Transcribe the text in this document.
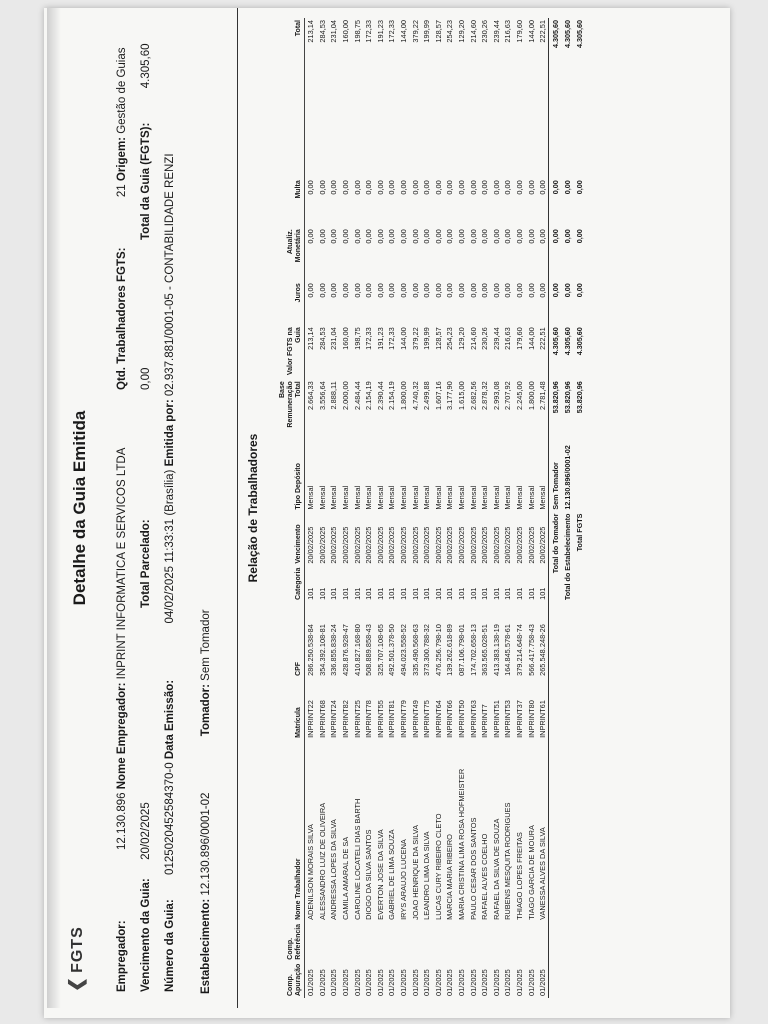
❮FGTS
Detalhe da Guia Emitida
Empregador:  12.130.896 Nome Empregador: INPRINT INFORMATICA E SERVICOS LTDA
Qtd. Trabalhadores FGTS:  21 Origem: Gestão de Guias
Vencimento da Guia:  20/02/2025
Total Parcelado:
0,00
Total da Guia (FGTS):  4.305,60
Número da Guia:  0125020452584370-0 Data Emissão:  04/02/2025 11:33:31 (Brasília) Emitida por: 02.937.881/0001-05 - CONTABILIDADE RENZI
Estabelecimento: 12.130.896/0001-02  Tomador: Sem Tomador
Relação de Trabalhadores
Comp. Apuração	Comp. Referência	Nome Trabalhador	Matrícula	CPF	Categoria	Vencimento	Tipo Depósito	Base Remuneração Total	Valor FGTS na Guia	Juros	Atualiz. Monetária	Multa	Total
01/2025		ADENILSON MORAIS SILVA	INPRINT22	286.250.538-84	101	20/02/2025	Mensal	2.664,33	213,14	0,00	0,00	0,00	213,14
01/2025		ALESSANDRO LUIZ DE OLIVEIRA	INPRINT68	354.392.108-81	101	20/02/2025	Mensal	3.556,64	284,53	0,00	0,00	0,00	284,53
01/2025		ANDRESSA LOPES DA SILVA	INPRINT24	336.855.838-24	101	20/02/2025	Mensal	2.888,11	231,04	0,00	0,00	0,00	231,04
01/2025		CAMILA AMARAL DE SA	INPRINT82	428.876.928-47	101	20/02/2025	Mensal	2.000,00	160,00	0,00	0,00	0,00	160,00
01/2025		CAROLINE LOCATELI DIAS BARTH	INPRINT25	410.827.168-80	101	20/02/2025	Mensal	2.484,44	198,75	0,00	0,00	0,00	198,75
01/2025		DIOGO DA SILVA SANTOS	INPRINT78	508.889.858-43	101	20/02/2025	Mensal	2.154,19	172,33	0,00	0,00	0,00	172,33
01/2025		EVERTON JOSE DA SILVA	INPRINT55	325.707.108-65	101	20/02/2025	Mensal	2.390,44	191,23	0,00	0,00	0,00	191,23
01/2025		GABRIEL DE LIMA SOUZA	INPRINT81	492.501.378-50	101	20/02/2025	Mensal	2.154,19	172,33	0,00	0,00	0,00	172,33
01/2025		IRYS ARAUJO LUCENA	INPRINT79	494.023.558-52	101	20/02/2025	Mensal	1.800,00	144,00	0,00	0,00	0,00	144,00
01/2025		JOAO HENRIQUE DA SILVA	INPRINT49	335.490.568-63	101	20/02/2025	Mensal	4.740,32	379,22	0,00	0,00	0,00	379,22
01/2025		LEANDRO LIMA DA SILVA	INPRINT75	373.300.788-32	101	20/02/2025	Mensal	2.499,88	199,99	0,00	0,00	0,00	199,99
01/2025		LUCAS CURY RIBEIRO CLETO	INPRINT64	476.256.798-10	101	20/02/2025	Mensal	1.607,16	128,57	0,00	0,00	0,00	128,57
01/2025		MARCIA MARIA RIBEIRO	INPRINT66	139.262.618-89	101	20/02/2025	Mensal	3.177,90	254,23	0,00	0,00	0,00	254,23
01/2025		MARIA CRISTINA LIMA ROSA HOFMEISTER	INPRINT50	087.106.798-01	101	20/02/2025	Mensal	1.615,00	129,20	0,00	0,00	0,00	129,20
01/2025		PAULO CESAR DOS SANTOS	INPRINT63	174.702.658-13	101	20/02/2025	Mensal	2.682,56	214,60	0,00	0,00	0,00	214,60
01/2025		RAFAEL ALVES COELHO	INPRINT7	363.565.028-51	101	20/02/2025	Mensal	2.878,32	230,26	0,00	0,00	0,00	230,26
01/2025		RAFAEL DA SILVA DE SOUZA	INPRINT51	413.383.138-19	101	20/02/2025	Mensal	2.993,08	239,44	0,00	0,00	0,00	239,44
01/2025		RUBENS MESQUITA RODRIGUES	INPRINT53	164.845.578-61	101	20/02/2025	Mensal	2.707,92	216,63	0,00	0,00	0,00	216,63
01/2025		THIAGO LOPES FREITAS	INPRINT37	379.214.648-74	101	20/02/2025	Mensal	2.245,00	179,60	0,00	0,00	0,00	179,60
01/2025		TIAGO GARCIA DE MOURA	INPRINT80	566.417.758-43	101	20/02/2025	Mensal	1.800,00	144,00	0,00	0,00	0,00	144,00
01/2025		VANESSA ALVES DA SILVA	INPRINT61	265.548.248-26	101	20/02/2025	Mensal	2.781,48	222,51	0,00	0,00	0,00	222,51
				Total do Tomador			Sem Tomador	53.820,96	4.305,60	0,00	0,00	0,00	4.305,60
				Total do Estabelecimento			12.130.896/0001-02	53.820,96	4.305,60	0,00	0,00	0,00	4.305,60
				Total FGTS				53.820,96	4.305,60	0,00	0,00	0,00	4.305,60
